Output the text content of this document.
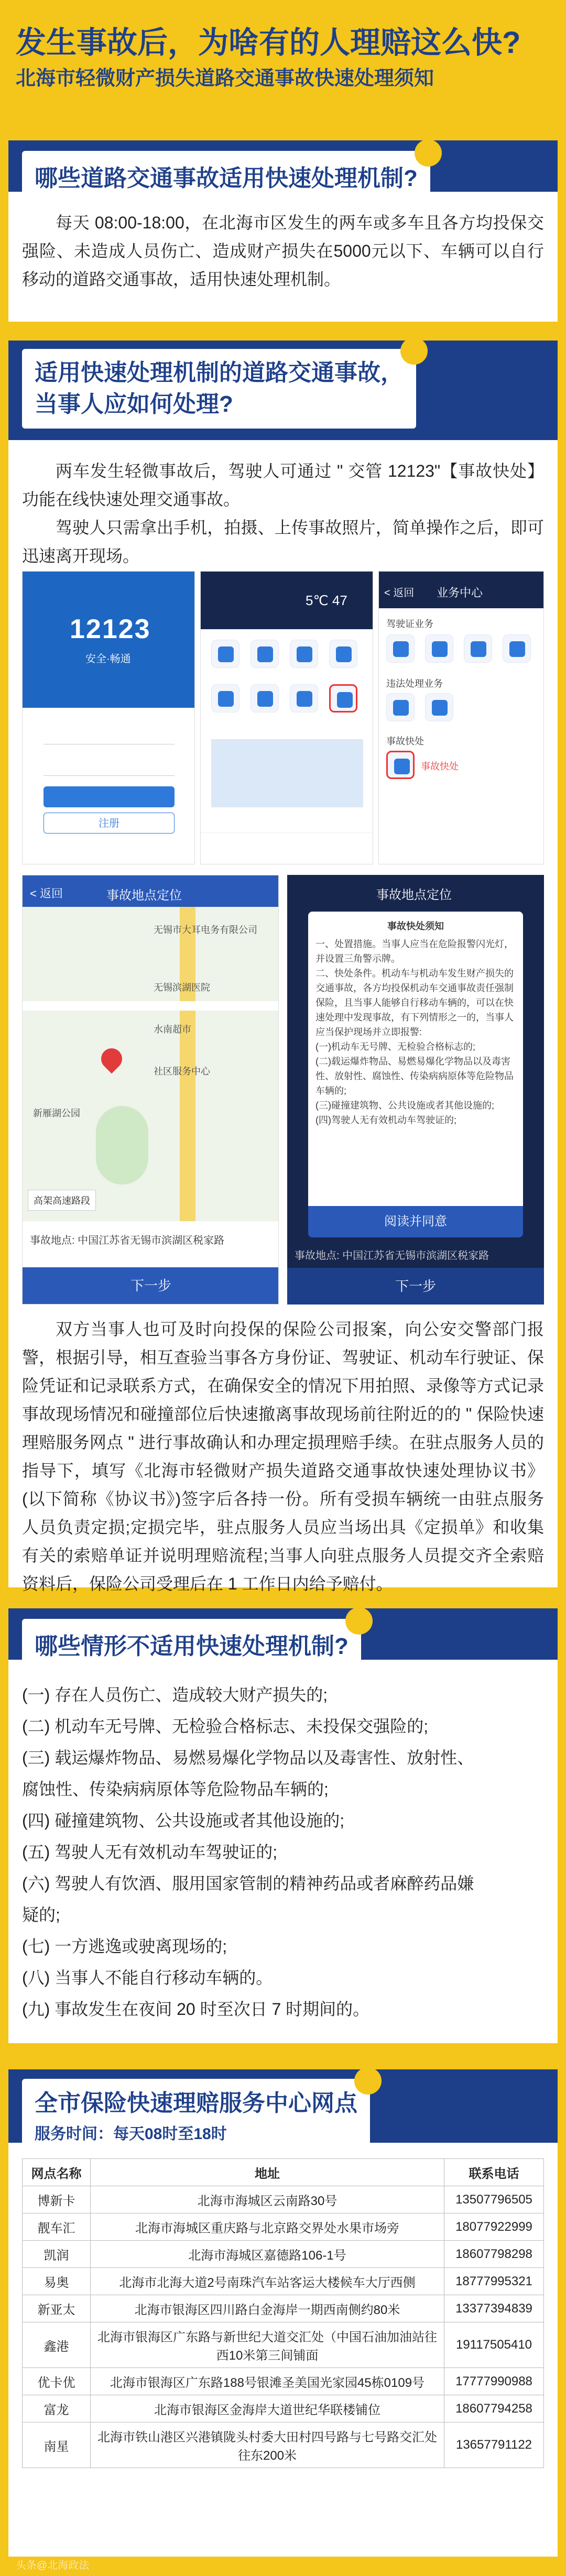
发生事故后，为啥有的人理赔这么快?
北海市轻微财产损失道路交通事故快速处理须知
哪些道路交通事故适用快速处理机制?
每天 08:00-18:00，在北海市区发生的两车或多车且各方均投保交强险、未造成人员伤亡、造成财产损失在5000元以下、车辆可以自行移动的道路交通事故，适用快速处理机制。
适用快速处理机制的道路交通事故，
当事人应如何处理?
两车发生轻微事故后，驾驶人可通过 " 交管 12123"【事故快处】功能在线快速处理交通事故。
驾驶人只需拿出手机，拍摄、上传事故照片，简单操作之后，即可迅速离开现场。
12123
安全·畅通
注册
5℃ 47	< 返回 业务中心
驾驶证业务
违法处理业务
事故快处
事故快处
< 返回	事故地点定位
无锡市大耳电务有限公司
无锡滨湖医院
水南超市
新雁湖公园
社区服务中心
高架高速路段
事故地点: 中国江苏省无锡市滨湖区税家路
下一步
事故地点定位
事故快处须知
一、处置措施。当事人应当在危险报警闪光灯，并设置三角警示牌。
二、快处条件。机动车与机动车发生财产损失的交通事故，各方均投保机动车交通事故责任强制保险，且当事人能够自行移动车辆的，可以在快速处理中发现事故，有下列情形之一的，当事人应当保护现场并立即报警:
(一)机动车无号牌、无检验合格标志的;
(二)载运爆炸物品、易燃易爆化学物品以及毒害性、放射性、腐蚀性、传染病病原体等危险物品车辆的;
(三)碰撞建筑物、公共设施或者其他设施的;
(四)驾驶人无有效机动车驾驶证的;
阅读并同意
事故地点: 中国江苏省无锡市滨湖区税家路
下一步
双方当事人也可及时向投保的保险公司报案，向公安交警部门报警，根据引导，相互查验当事各方身份证、驾驶证、机动车行驶证、保险凭证和记录联系方式，在确保安全的情况下用拍照、录像等方式记录事故现场情况和碰撞部位后快速撤离事故现场前往附近的的 " 保险快速理赔服务网点 " 进行事故确认和办理定损理赔手续。在驻点服务人员的指导下，填写《北海市轻微财产损失道路交通事故快速处理协议书》(以下简称《协议书》)签字后各持一份。所有受损车辆统一由驻点服务人员负责定损;定损完毕，驻点服务人员应当场出具《定损单》和收集有关的索赔单证并说明理赔流程;当事人向驻点服务人员提交齐全索赔资料后，保险公司受理后在 1 工作日内给予赔付。
哪些情形不适用快速处理机制?
(一) 存在人员伤亡、造成较大财产损失的;
(二) 机动车无号牌、无检验合格标志、未投保交强险的;
(三) 载运爆炸物品、易燃易爆化学物品以及毒害性、放射性、
腐蚀性、传染病病原体等危险物品车辆的;
(四) 碰撞建筑物、公共设施或者其他设施的;
(五) 驾驶人无有效机动车驾驶证的;
(六) 驾驶人有饮酒、服用国家管制的精神药品或者麻醉药品嫌
疑的;
(七) 一方逃逸或驶离现场的;
(八) 当事人不能自行移动车辆的。
(九) 事故发生在夜间 20 时至次日 7 时期间的。
全市保险快速理赔服务中心网点
服务时间：每天08时至18时
网点名称	地址	联系电话
博新卡	北海市海城区云南路30号	13507796505
靓车汇	北海市海城区重庆路与北京路交界处水果市场旁	18077922999
凯润	北海市海城区嘉德路106-1号	18607798298
易奥	北海市北海大道2号南珠汽车站客运大楼候车大厅西侧	18777995321
新亚太	北海市银海区四川路白金海岸一期西南侧约80米	13377394839
鑫港	北海市银海区广东路与新世纪大道交汇处（中国石油加油站往西10米第三间铺面	19117505410
优卡优	北海市银海区广东路188号银滩圣美国光家园45栋0109号	17777990988
富龙	北海市银海区金海岸大道世纪华联楼铺位	18607794258
南星	北海市铁山港区兴港镇陇头村委大田村四号路与七号路交汇处往东200米	13657791122
头条@北海政法
